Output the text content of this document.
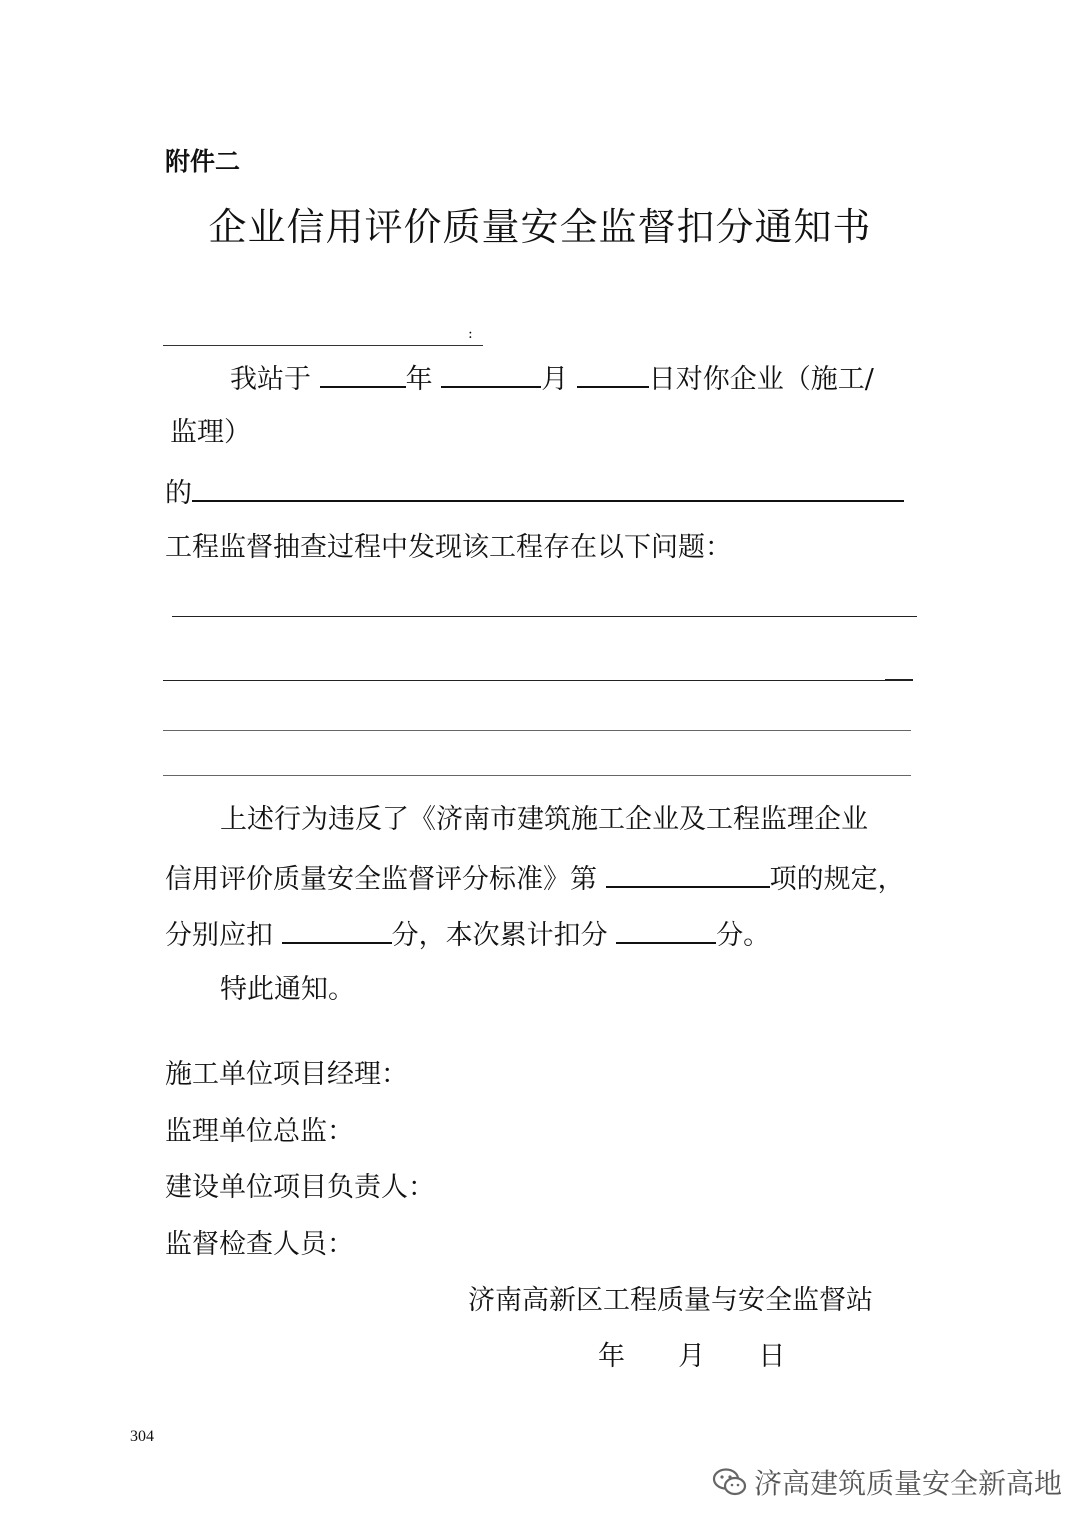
附件二
企业信用评价质量安全监督扣分通知书
:
我站于	年	月	日对你企业（施工/
监理）
的
工程监督抽查过程中发现该工程存在以下问题：
上述行为违反了《济南市建筑施工企业及工程监理企业
信用评价质量安全监督评分标准》第	项的规定，
分别应扣	分，本次累计扣分	分。
特此通知。
施工单位项目经理：
监理单位总监：
建设单位项目负责人：
监督检查人员：
济南高新区工程质量与安全监督站
年  月  日
304
济高建筑质量安全新高地
